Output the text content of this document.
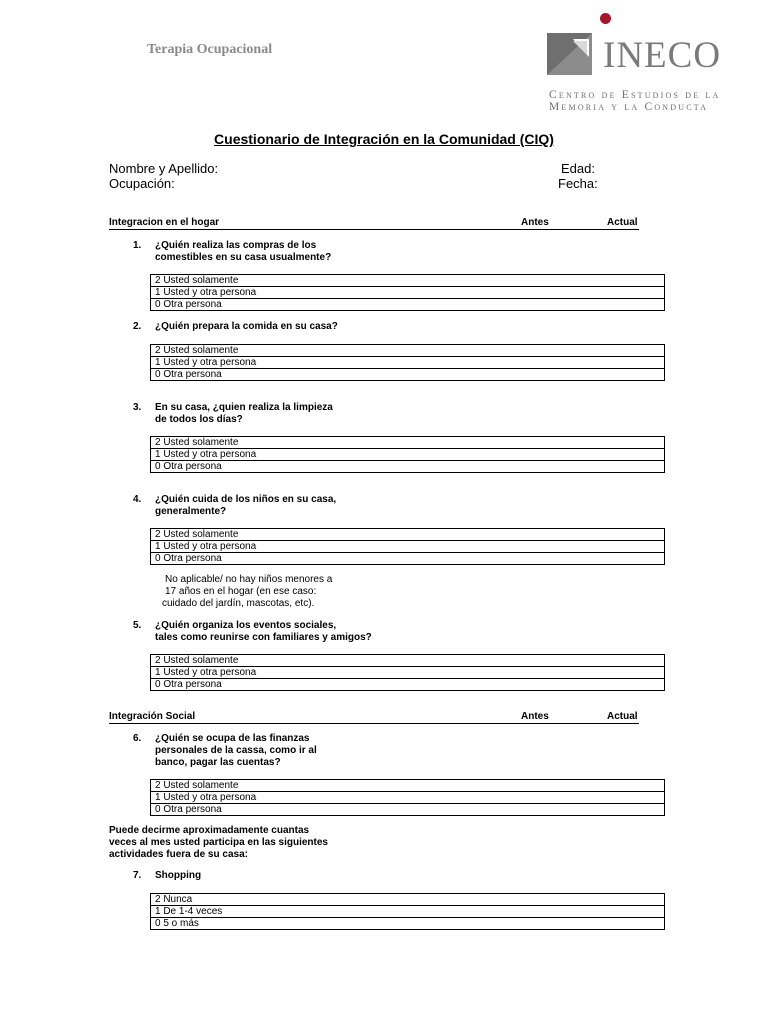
Terapia Ocupacional	INECO
Centro de Estudios de la
Memoria y la Conducta
Cuestionario de Integración en la Comunidad (CIQ)
Nombre y Apellido:
Ocupación:
Edad:
Fecha:
Integracion en el hogar	Antes	Actual
1. ¿Quién realiza las compras de los
comestibles en su casa usualmente?
2 Usted solamente
1 Usted y otra persona
0 Otra persona
2. ¿Quién prepara la comida en su casa?
2 Usted solamente
1 Usted y otra persona
0 Otra persona
3. En su casa, ¿quien realiza la limpieza
de todos los días?
2 Usted solamente
1 Usted y otra persona
0 Otra persona
4. ¿Quién cuida de los niños en su casa,
generalmente?
2 Usted solamente
1 Usted y otra persona
0 Otra persona
No aplicable/ no hay niños menores a
17 años en el hogar (en ese caso:
cuidado del jardín, mascotas, etc).
5. ¿Quién organiza los eventos sociales,
tales como reunirse con familiares y amigos?
2 Usted solamente
1 Usted y otra persona
0 Otra persona
Integración Social	Antes	Actual
6. ¿Quién se ocupa de las finanzas
personales de la cassa, como ir al
banco, pagar las cuentas?
2 Usted solamente
1 Usted y otra persona
0 Otra persona
Puede decirme aproximadamente cuantas
veces al mes usted participa en las siguientes
actividades fuera de su casa:
7. Shopping
2 Nunca
1 De 1-4 veces
0 5 o más
